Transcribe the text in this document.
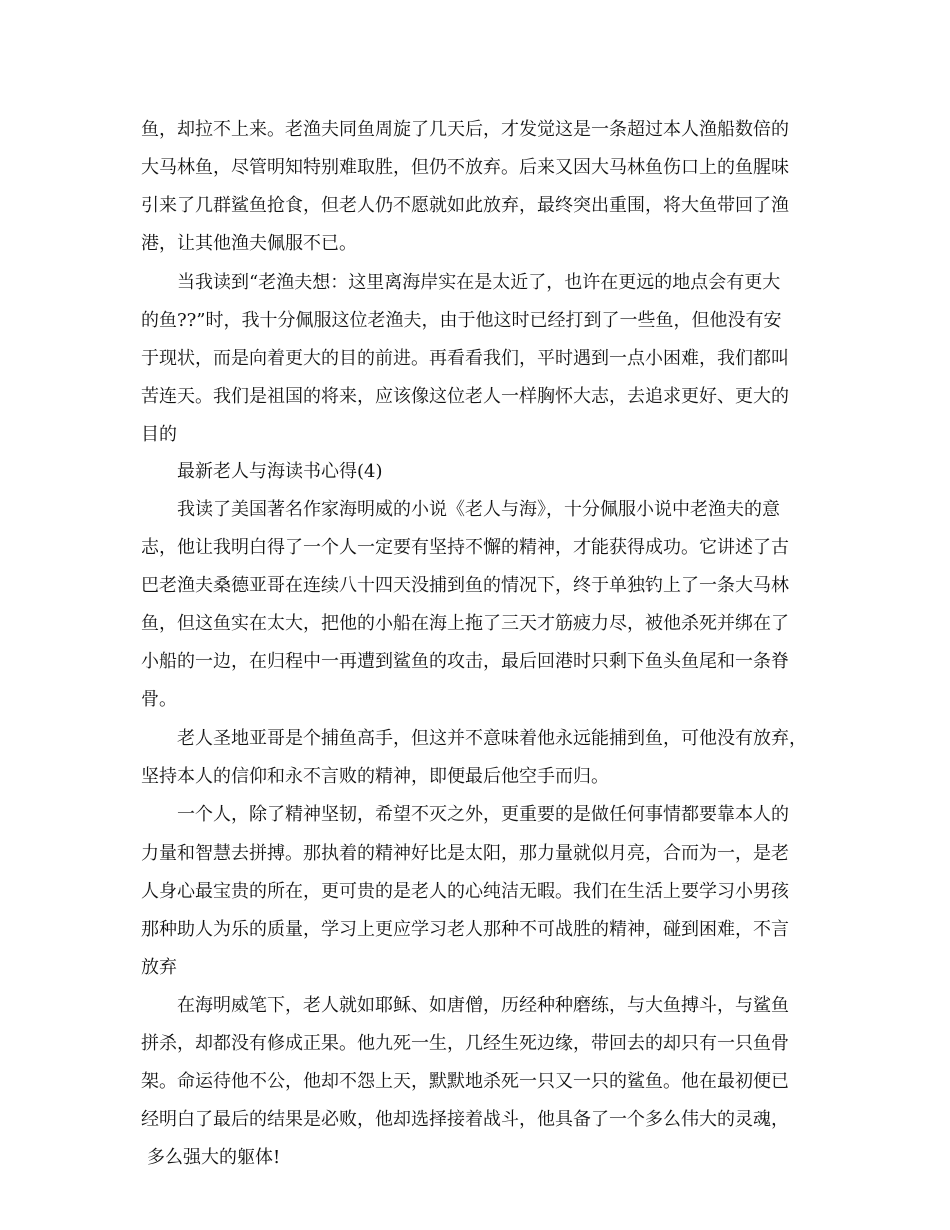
鱼，却拉不上来。老渔夫同鱼周旋了几天后，才发觉这是一条超过本人渔船数倍的
大马林鱼，尽管明知特别难取胜，但仍不放弃。后来又因大马林鱼伤口上的鱼腥味
引来了几群鲨鱼抢食，但老人仍不愿就如此放弃，最终突出重围，将大鱼带回了渔
港，让其他渔夫佩服不已。
当我读到“老渔夫想：这里离海岸实在是太近了，也许在更远的地点会有更大
的鱼??”时，我十分佩服这位老渔夫，由于他这时已经打到了一些鱼，但他没有安
于现状，而是向着更大的目的前进。再看看我们，平时遇到一点小困难，我们都叫
苦连天。我们是祖国的将来，应该像这位老人一样胸怀大志，去追求更好、更大的
目的
最新老人与海读书心得(4)
我读了美国著名作家海明威的小说《老人与海》，十分佩服小说中老渔夫的意
志，他让我明白得了一个人一定要有坚持不懈的精神，才能获得成功。它讲述了古
巴老渔夫桑德亚哥在连续八十四天没捕到鱼的情况下，终于单独钓上了一条大马林
鱼，但这鱼实在太大，把他的小船在海上拖了三天才筋疲力尽，被他杀死并绑在了
小船的一边，在归程中一再遭到鲨鱼的攻击，最后回港时只剩下鱼头鱼尾和一条脊
骨。
老人圣地亚哥是个捕鱼高手，但这并不意味着他永远能捕到鱼，可他没有放弃，
坚持本人的信仰和永不言败的精神，即便最后他空手而归。
一个人，除了精神坚韧，希望不灭之外，更重要的是做任何事情都要靠本人的
力量和智慧去拼搏。那执着的精神好比是太阳，那力量就似月亮，合而为一，是老
人身心最宝贵的所在，更可贵的是老人的心纯洁无暇。我们在生活上要学习小男孩
那种助人为乐的质量，学习上更应学习老人那种不可战胜的精神，碰到困难，不言
放弃
在海明威笔下，老人就如耶稣、如唐僧，历经种种磨练，与大鱼搏斗，与鲨鱼
拼杀，却都没有修成正果。他九死一生，几经生死边缘，带回去的却只有一只鱼骨
架。命运待他不公，他却不怨上天，默默地杀死一只又一只的鲨鱼。他在最初便已
经明白了最后的结果是必败，他却选择接着战斗，他具备了一个多么伟大的灵魂，
多么强大的躯体!
